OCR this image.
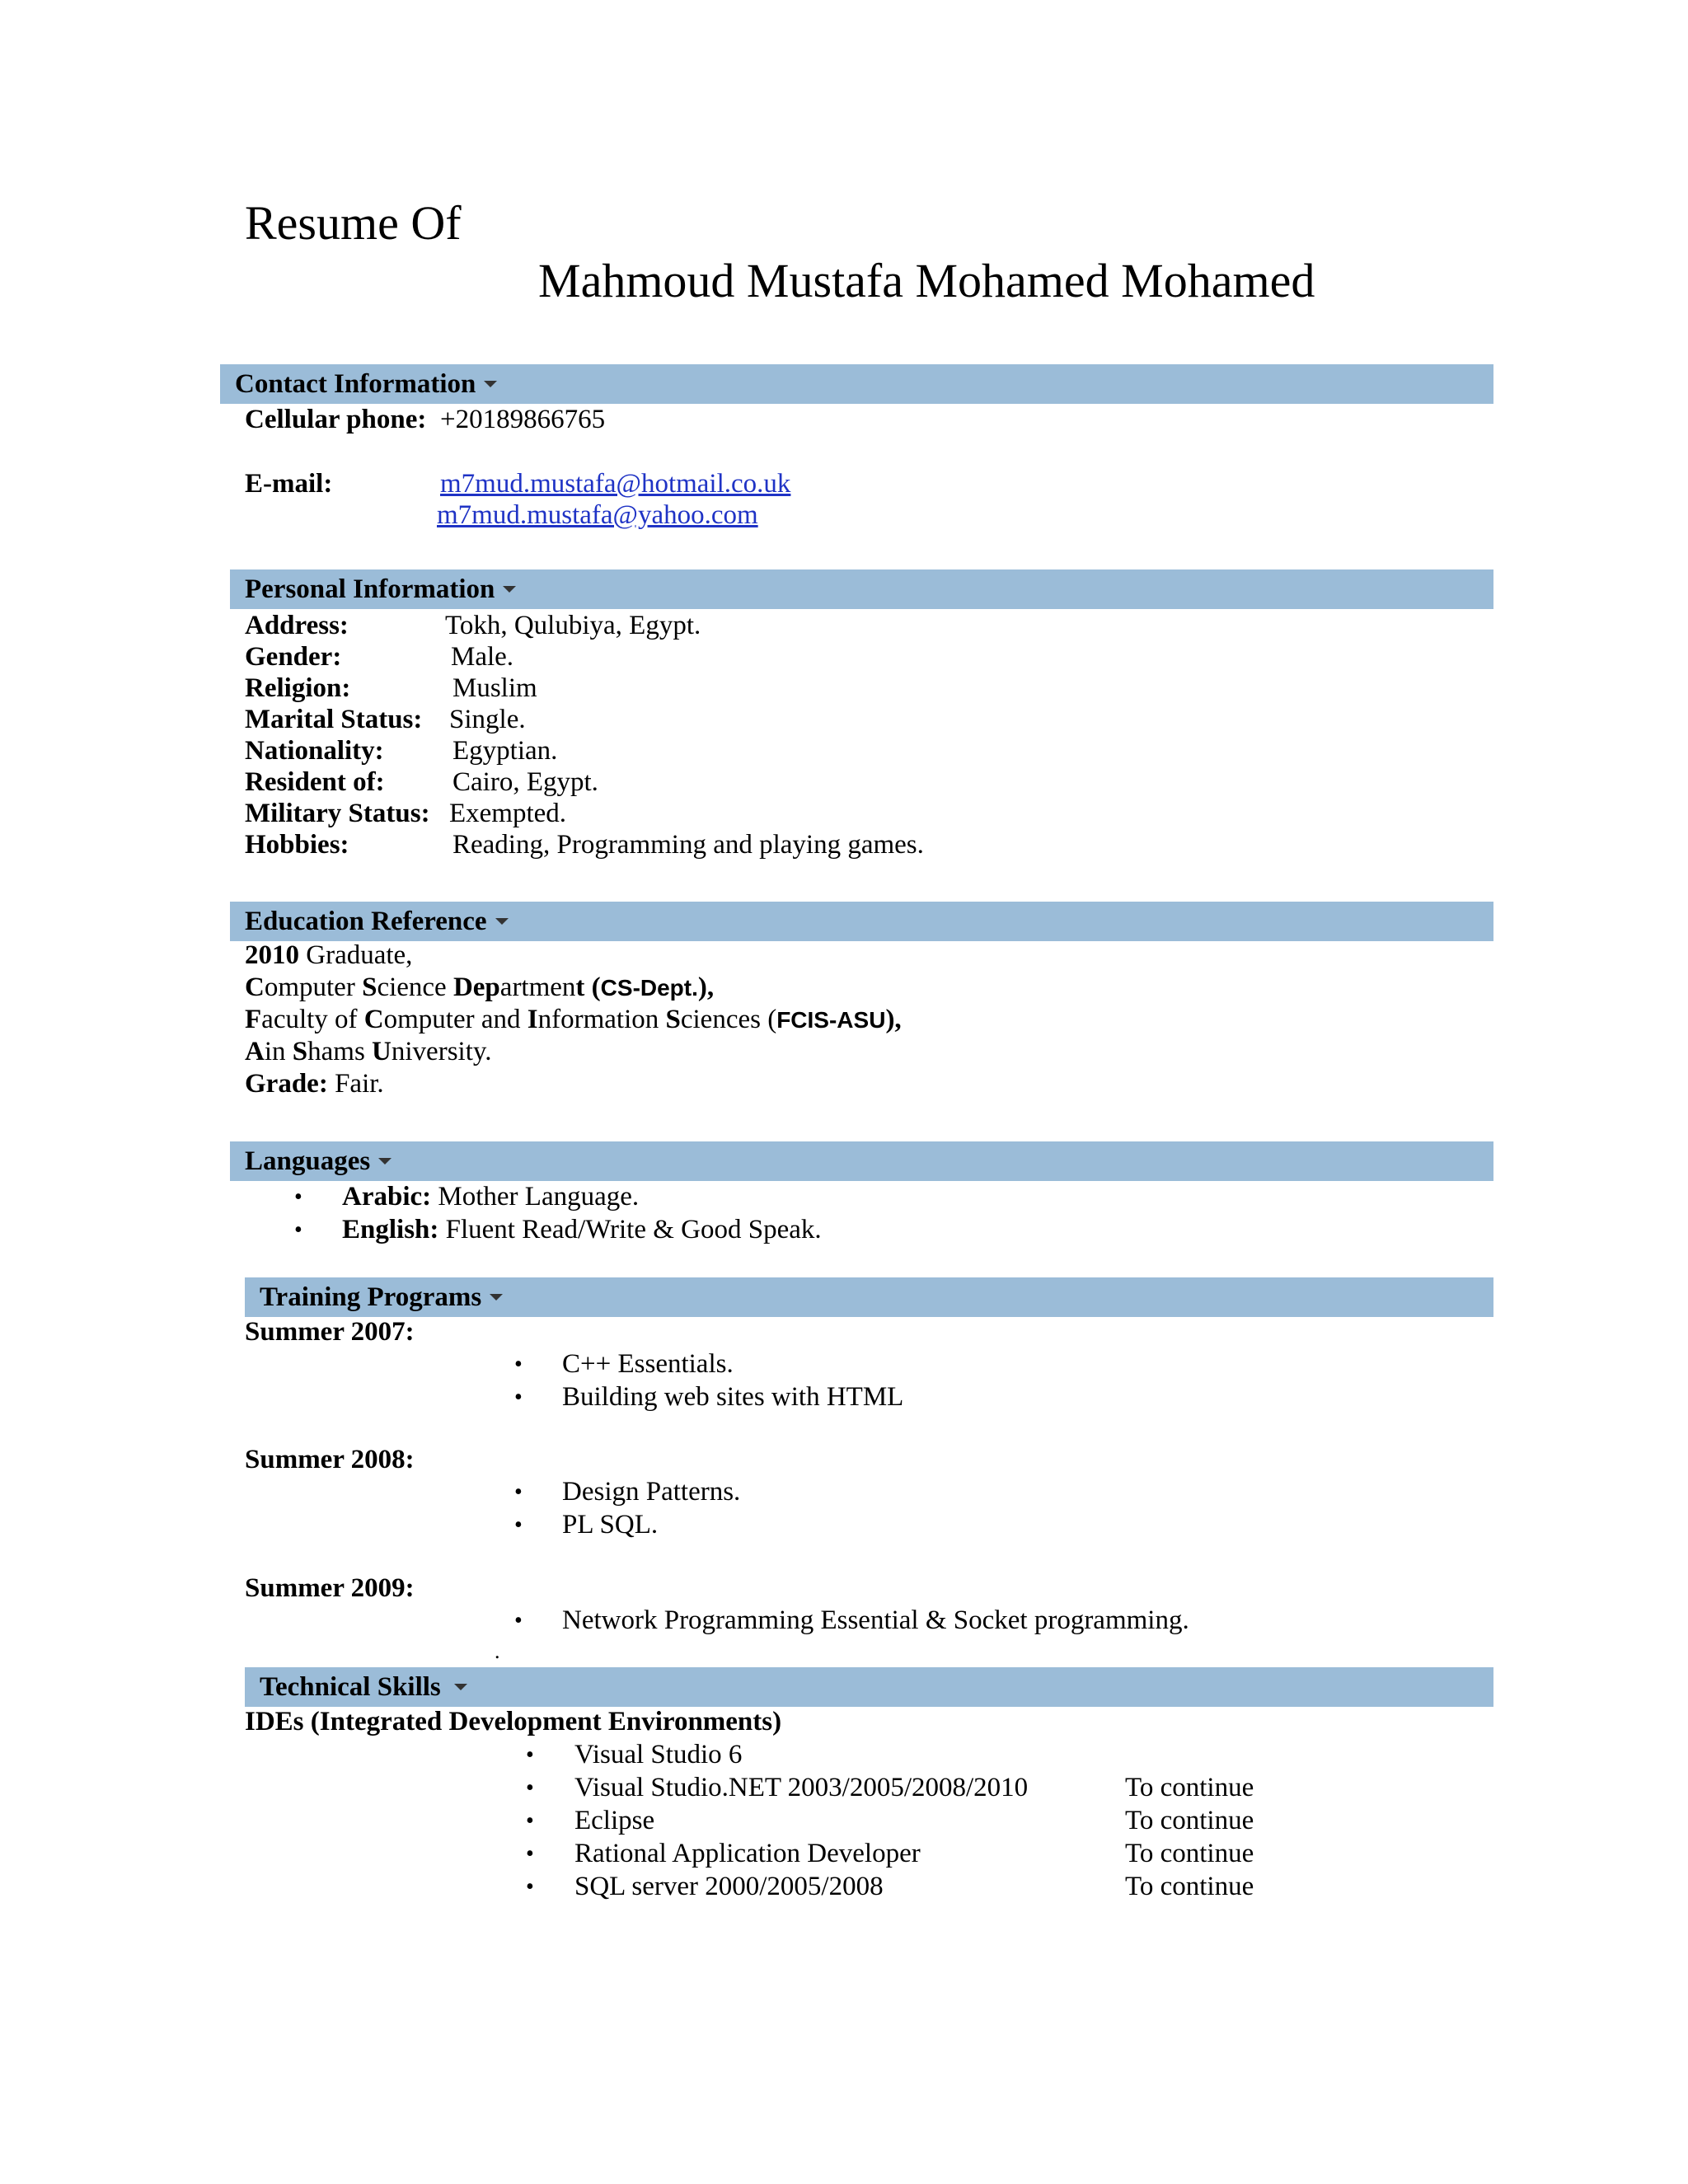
Resume Of
Mahmoud Mustafa Mohamed Mohamed
Contact Information
Cellular phone: +20189866765
E-mail:	m7mud.mustafa@hotmail.co.uk
m7mud.mustafa@yahoo.com
Personal Information
Address:	Tokh, Qulubiya, Egypt.
Gender:	Male.
Religion:	Muslim
Marital Status: Single.
Nationality:	Egyptian.
Resident of: Cairo, Egypt.
Military Status: Exempted.
Hobbies:	Reading, Programming and playing games.
Education Reference
2010 Graduate,
Computer Science Department (CS-Dept.),
Faculty of Computer and Information Sciences (FCIS-ASU),
Ain Shams University.
Grade: Fair.
Languages
• Arabic: Mother Language.
• English: Fluent Read/Write & Good Speak.
Training Programs
Summer 2007:
• C++ Essentials.
• Building web sites with HTML
Summer 2008:
• Design Patterns.
• PL SQL.
Summer 2009:
• Network Programming Essential & Socket programming.
.
Technical Skills
IDEs (Integrated Development Environments)
• Visual Studio 6
• Visual Studio.NET 2003/2005/2008/2010	To continue
• Eclipse	To continue
• Rational Application Developer	To continue
• SQL server 2000/2005/2008	To continue
